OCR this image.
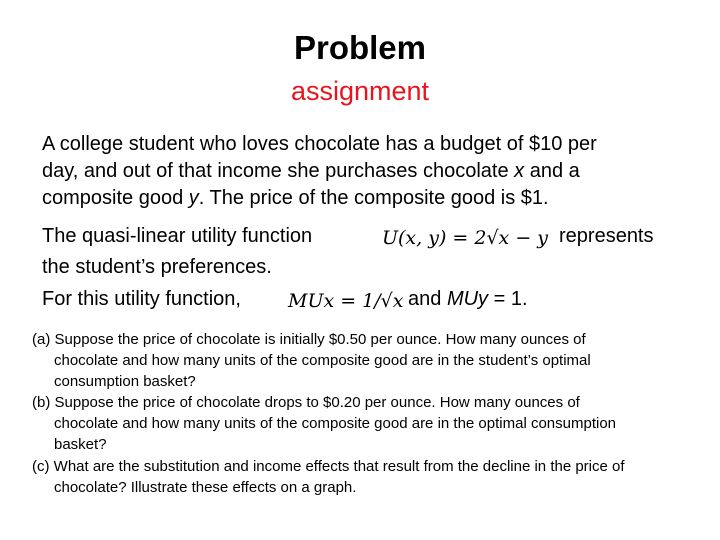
Problem
assignment
A college student who loves chocolate has a budget of $10 per
day, and out of that income she purchases chocolate x and a
composite good y. The price of the composite good is $1.
The quasi-linear utility function	U(x, y) = 2√x − y represents
the student’s preferences.
For this utility function, MUx = 1/√x and MUy = 1.
(a) Suppose the price of chocolate is initially $0.50 per ounce. How many ounces of
chocolate and how many units of the composite good are in the student’s optimal
consumption basket?
(b) Suppose the price of chocolate drops to $0.20 per ounce. How many ounces of
chocolate and how many units of the composite good are in the optimal consumption
basket?
(c) What are the substitution and income effects that result from the decline in the price of
chocolate? Illustrate these effects on a graph.
